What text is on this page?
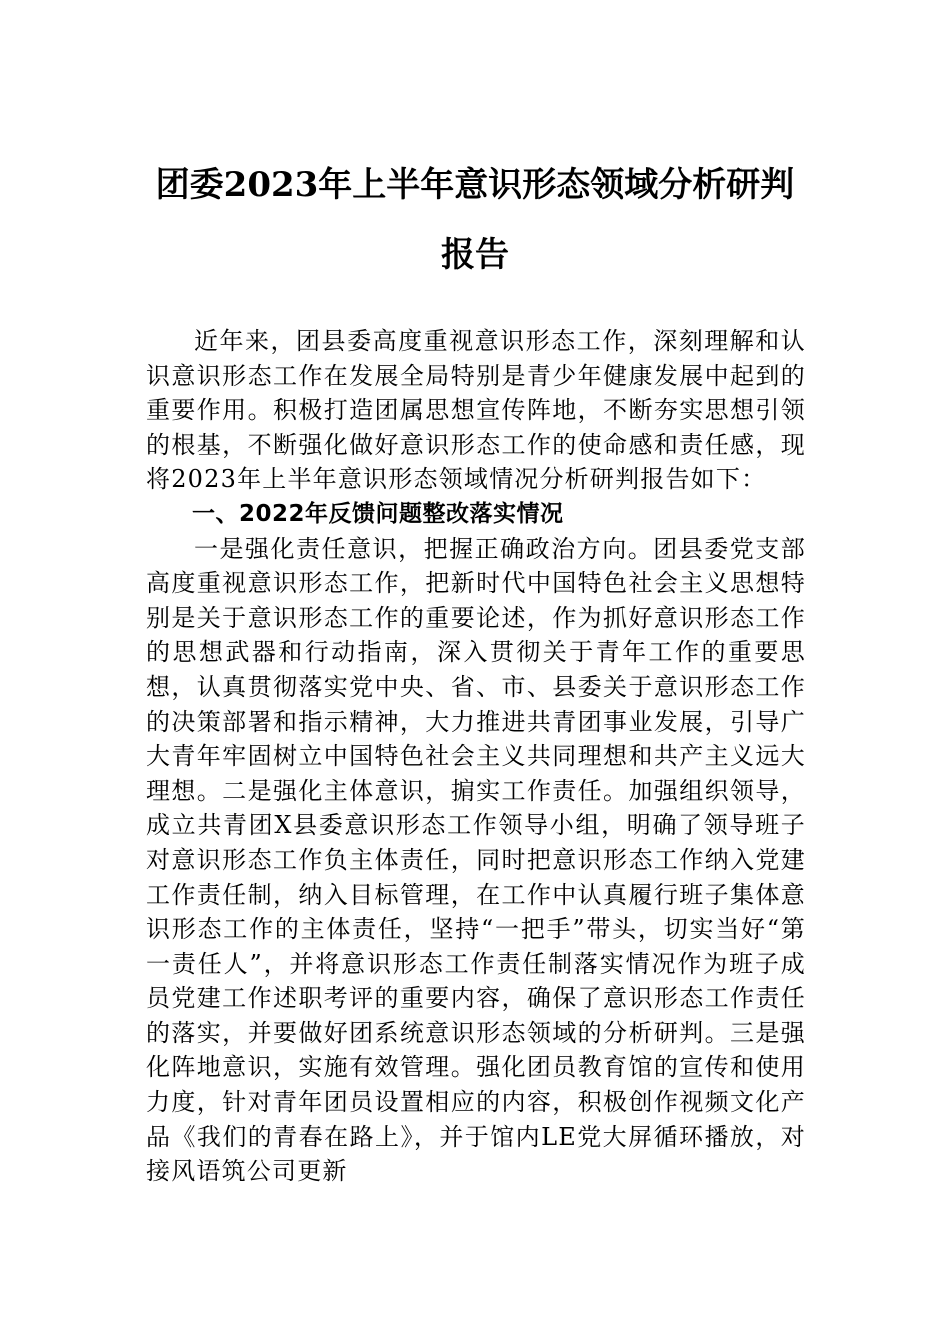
团委2023年上半年意识形态领域分析研判
报告

近年来，团县委高度重视意识形态工作，深刻理解和认识意识形态工作在发展全局特别是青少年健康发展中起到的重要作用。积极打造团属思想宣传阵地，不断夯实思想引领的根基，不断强化做好意识形态工作的使命感和责任感，现将2023年上半年意识形态领域情况分析研判报告如下：

一、2022年反馈问题整改落实情况

一是强化责任意识，把握正确政治方向。团县委党支部高度重视意识形态工作，把新时代中国特色社会主义思想特别是关于意识形态工作的重要论述，作为抓好意识形态工作的思想武器和行动指南，深入贯彻关于青年工作的重要思想，认真贯彻落实党中央、省、市、县委关于意识形态工作的决策部署和指示精神，大力推进共青团事业发展，引导广大青年牢固树立中国特色社会主义共同理想和共产主义远大理想。二是强化主体意识，掮实工作责任。加强组织领导，成立共青团X县委意识形态工作领导小组，明确了领导班子对意识形态工作负主体责任，同时把意识形态工作纳入党建工作责任制，纳入目标管理，在工作中认真履行班子集体意识形态工作的主体责任，坚持“一把手”带头，切实当好“第一责任人”，并将意识形态工作责任制落实情况作为班子成员党建工作述职考评的重要内容，确保了意识形态工作责任的落实，并要做好团系统意识形态领域的分析研判。三是强化阵地意识，实施有效管理。强化团员教育馆的宣传和使用力度，针对青年团员设置相应的内容，积极创作视频文化产品《我们的青春在路上》，并于馆内LE党大屏循环播放，对接风语筑公司更新
